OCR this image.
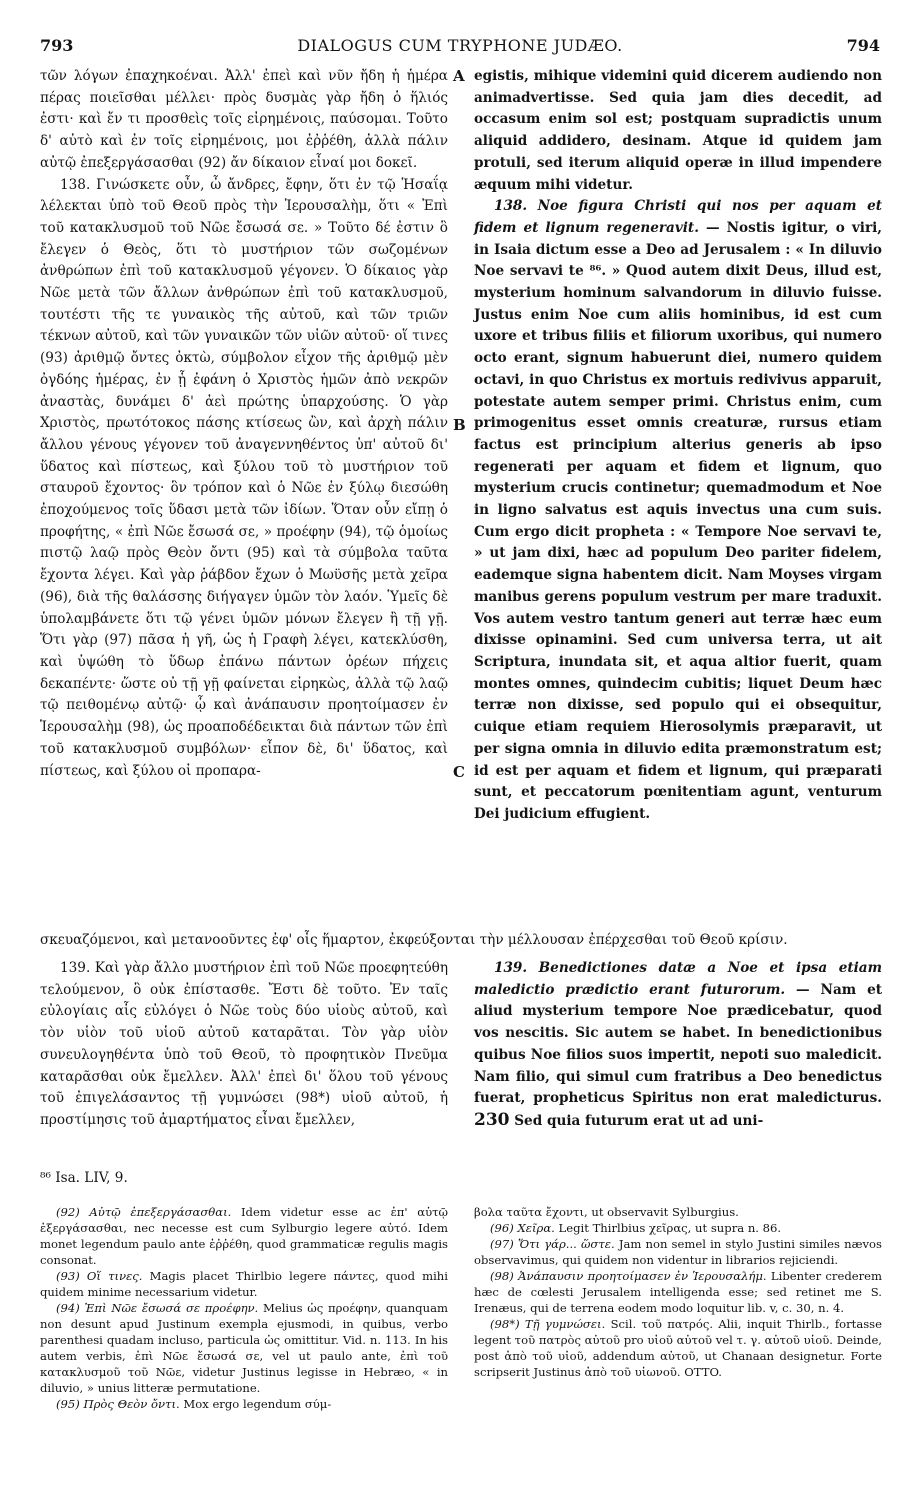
793	DIALOGUS CUM TRYPHONE JUDÆO.	794
A
B
C

τῶν λόγων ἐπαχηκοέναι. Ἀλλ' ἐπεὶ καὶ νῦν ἤδη ἡ ἡμέρα πέρας ποιεῖσθαι μέλλει· πρὸς δυσμὰς γὰρ ἤδη ὁ ἥλιός ἐστι· καὶ ἔν τι προσθεὶς τοῖς εἰρημένοις, παύσομαι. Τοῦτο δ' αὐτὸ καὶ ἐν τοῖς εἰρημένοις, μοι ἐῤῥέθη, ἀλλὰ πάλιν αὐτῷ ἐπεξεργάσασθαι (92) ἄν δίκαιον εἶναί μοι δοκεῖ.

138. Γινώσκετε οὖν, ὦ ἄνδρες, ἔφην, ὅτι ἐν τῷ Ἡσαΐᾳ λέλεκται ὑπὸ τοῦ Θεοῦ πρὸς τὴν Ἱερουσαλὴμ, ὅτι « Ἐπὶ τοῦ κατακλυσμοῦ τοῦ Νῶε ἔσωσά σε. » Τοῦτο δέ ἐστιν ὃ ἔλεγεν ὁ Θεὸς, ὅτι τὸ μυστήριον τῶν σωζομένων ἀνθρώπων ἐπὶ τοῦ κατακλυσμοῦ γέγονεν. Ὁ δίκαιος γὰρ Νῶε μετὰ τῶν ἄλλων ἀνθρώπων ἐπὶ τοῦ κατακλυσμοῦ, τουτέστι τῆς τε γυναικὸς τῆς αὐτοῦ, καὶ τῶν τριῶν τέκνων αὐτοῦ, καὶ τῶν γυναικῶν τῶν υἱῶν αὐτοῦ· οἵ τινες (93) ἀριθμῷ ὄντες ὀκτὼ, σύμβολον εἶχον τῆς ἀριθμῷ μὲν ὀγδόης ἡμέρας, ἐν ᾗ ἐφάνη ὁ Χριστὸς ἡμῶν ἀπὸ νεκρῶν ἀναστὰς, δυνάμει δ' ἀεὶ πρώτης ὑπαρχούσης. Ὁ γὰρ Χριστὸς, πρωτότοκος πάσης κτίσεως ὢν, καὶ ἀρχὴ πάλιν ἄλλου γένους γέγονεν τοῦ ἀναγεννηθέντος ὑπ' αὐτοῦ δι' ὕδατος καὶ πίστεως, καὶ ξύλου τοῦ τὸ μυστήριον τοῦ σταυροῦ ἔχοντος· ὃν τρόπον καὶ ὁ Νῶε ἐν ξύλῳ διεσώθη ἐποχούμενος τοῖς ὕδασι μετὰ τῶν ἰδίων. Ὅταν οὖν εἴπῃ ὁ προφήτης, « ἐπὶ Νῶε ἔσωσά σε, » προέφην (94), τῷ ὁμοίως πιστῷ λαῷ πρὸς Θεὸν ὄντι (95) καὶ τὰ σύμβολα ταῦτα ἔχοντα λέγει. Καὶ γὰρ ῥάβδον ἔχων ὁ Μωϋσῆς μετὰ χεῖρα (96), διὰ τῆς θαλάσσης διήγαγεν ὑμῶν τὸν λαόν. Ὑμεῖς δὲ ὑπολαμβάνετε ὅτι τῷ γένει ὑμῶν μόνων ἔλεγεν ἢ τῇ γῇ. Ὅτι γὰρ (97) πᾶσα ἡ γῆ, ὡς ἡ Γραφὴ λέγει, κατεκλύσθη, καὶ ὑψώθη τὸ ὕδωρ ἐπάνω πάντων ὀρέων πήχεις δεκαπέντε· ὥστε οὐ τῇ γῇ φαίνεται εἰρηκὼς, ἀλλὰ τῷ λαῷ τῷ πειθομένῳ αὐτῷ· ᾧ καὶ ἀνάπαυσιν προητοίμασεν ἐν Ἱερουσαλὴμ (98), ὡς προαποδέδεικται διὰ πάντων τῶν ἐπὶ τοῦ κατακλυσμοῦ συμβόλων· εἶπον δὲ, δι' ὕδατος, καὶ πίστεως, καὶ ξύλου οἱ προπαρα-

egistis, mihique videmini quid dicerem audiendo non animadvertisse. Sed quia jam dies decedit, ad occasum enim sol est; postquam supradictis unum aliquid addidero, desinam. Atque id quidem jam protuli, sed iterum aliquid operæ in illud impendere æquum mihi videtur.

138. Noe figura Christi qui nos per aquam et fidem et lignum regeneravit. — Nostis igitur, o viri, in Isaia dictum esse a Deo ad Jerusalem : « In diluvio Noe servavi te ⁸⁶. » Quod autem dixit Deus, illud est, mysterium hominum salvandorum in diluvio fuisse. Justus enim Noe cum aliis hominibus, id est cum uxore et tribus filiis et filiorum uxoribus, qui numero octo erant, signum habuerunt diei, numero quidem octavi, in quo Christus ex mortuis redivivus apparuit, potestate autem semper primi. Christus enim, cum primogenitus esset omnis creaturæ, rursus etiam factus est principium alterius generis ab ipso regenerati per aquam et fidem et lignum, quo mysterium crucis continetur; quemadmodum et Noe in ligno salvatus est aquis invectus una cum suis. Cum ergo dicit propheta : « Tempore Noe servavi te, » ut jam dixi, hæc ad populum Deo pariter fidelem, eademque signa habentem dicit. Nam Moyses virgam manibus gerens populum vestrum per mare traduxit. Vos autem vestro tantum generi aut terræ hæc eum dixisse opinamini. Sed cum universa terra, ut ait Scriptura, inundata sit, et aqua altior fuerit, quam montes omnes, quindecim cubitis; liquet Deum hæc terræ non dixisse, sed populo qui ei obsequitur, cuique etiam requiem Hierosolymis præparavit, ut per signa omnia in diluvio edita præmonstratum est; id est per aquam et fidem et lignum, qui præparati sunt, et peccatorum pœnitentiam agunt, venturum Dei judicium effugient.

σκευαζόμενοι, καὶ μετανοοῦντες ἐφ' οἷς ἥμαρτον, ἐκφεύξονται τὴν μέλλουσαν ἐπέρχεσθαι τοῦ Θεοῦ κρίσιν.

139. Καὶ γὰρ ἄλλο μυστήριον ἐπὶ τοῦ Νῶε προεφητεύθη τελούμενον, ὃ οὐκ ἐπίστασθε. Ἔστι δὲ τοῦτο. Ἐν ταῖς εὐλογίαις αἷς εὐλόγει ὁ Νῶε τοὺς δύο υἱοὺς αὐτοῦ, καὶ τὸν υἱὸν τοῦ υἱοῦ αὐτοῦ καταρᾶται. Τὸν γὰρ υἱὸν συνευλογηθέντα ὑπὸ τοῦ Θεοῦ, τὸ προφητικὸν Πνεῦμα καταρᾶσθαι οὐκ ἔμελλεν. Ἀλλ' ἐπεὶ δι' ὅλου τοῦ γένους τοῦ ἐπιγελάσαντος τῇ γυμνώσει (98*) υἱοῦ αὐτοῦ, ἡ προστίμησις τοῦ ἁμαρτήματος εἶναι ἔμελλεν,

139. Benedictiones datæ a Noe et ipsa etiam maledictio prædictio erant futurorum. — Nam et aliud mysterium tempore Noe prædicebatur, quod vos nescitis. Sic autem se habet. In benedictionibus quibus Noe filios suos impertit, nepoti suo maledicit. Nam filio, qui simul cum fratribus a Deo benedictus fuerat, propheticus Spiritus non erat maledicturus. 230 Sed quia futurum erat ut ad uni-

⁸⁶ Isa. LIV, 9.

(92) Αὐτῷ ἐπεξεργάσασθαι. Idem videtur esse ac ἐπ' αὐτῷ ἐξεργάσασθαι, nec necesse est cum Sylburgio legere αὐτό. Idem monet legendum paulo ante ἐῤῥέθη, quod grammaticæ regulis magis consonat.

(93) Οἵ τινες. Magis placet Thirlbio legere πάντες, quod mihi quidem minime necessarium videtur.

(94) Ἐπὶ Νῶε ἔσωσά σε προέφην. Melius ὡς προέφην, quanquam non desunt apud Justinum exempla ejusmodi, in quibus, verbo parenthesi quadam incluso, particula ὡς omittitur. Vid. n. 113. In his autem verbis, ἐπὶ Νῶε ἔσωσά σε, vel ut paulo ante, ἐπὶ τοῦ κατακλυσμοῦ τοῦ Νῶε, videtur Justinus legisse in Hebræo, « in diluvio, » unius litteræ permutatione.

(95) Πρὸς Θεὸν ὄντι. Mox ergo legendum σύμ-

βολα ταῦτα ἔχοντι, ut observavit Sylburgius.

(96) Χεῖρα. Legit Thirlbius χεῖρας, ut supra n. 86.

(97) Ὅτι γάρ... ὥστε. Jam non semel in stylo Justini similes nævos observavimus, qui quidem non videntur in librarios rejiciendi.

(98) Ἀνάπαυσιν προητοίμασεν ἐν Ἱερουσαλήμ. Libenter crederem hæc de cœlesti Jerusalem intelligenda esse; sed retinet me S. Irenæus, qui de terrena eodem modo loquitur lib. v, c. 30, n. 4.

(98*) Τῇ γυμνώσει. Scil. τοῦ πατρός. Alii, inquit Thirlb., fortasse legent τοῦ πατρὸς αὐτοῦ pro υἱοῦ αὐτοῦ vel τ. γ. αὐτοῦ υἱοῦ. Deinde, post ἀπὸ τοῦ υἱοῦ, addendum αὐτοῦ, ut Chanaan designetur. Forte scripserit Justinus ἀπὸ τοῦ υἱωνοῦ. OTTO.
